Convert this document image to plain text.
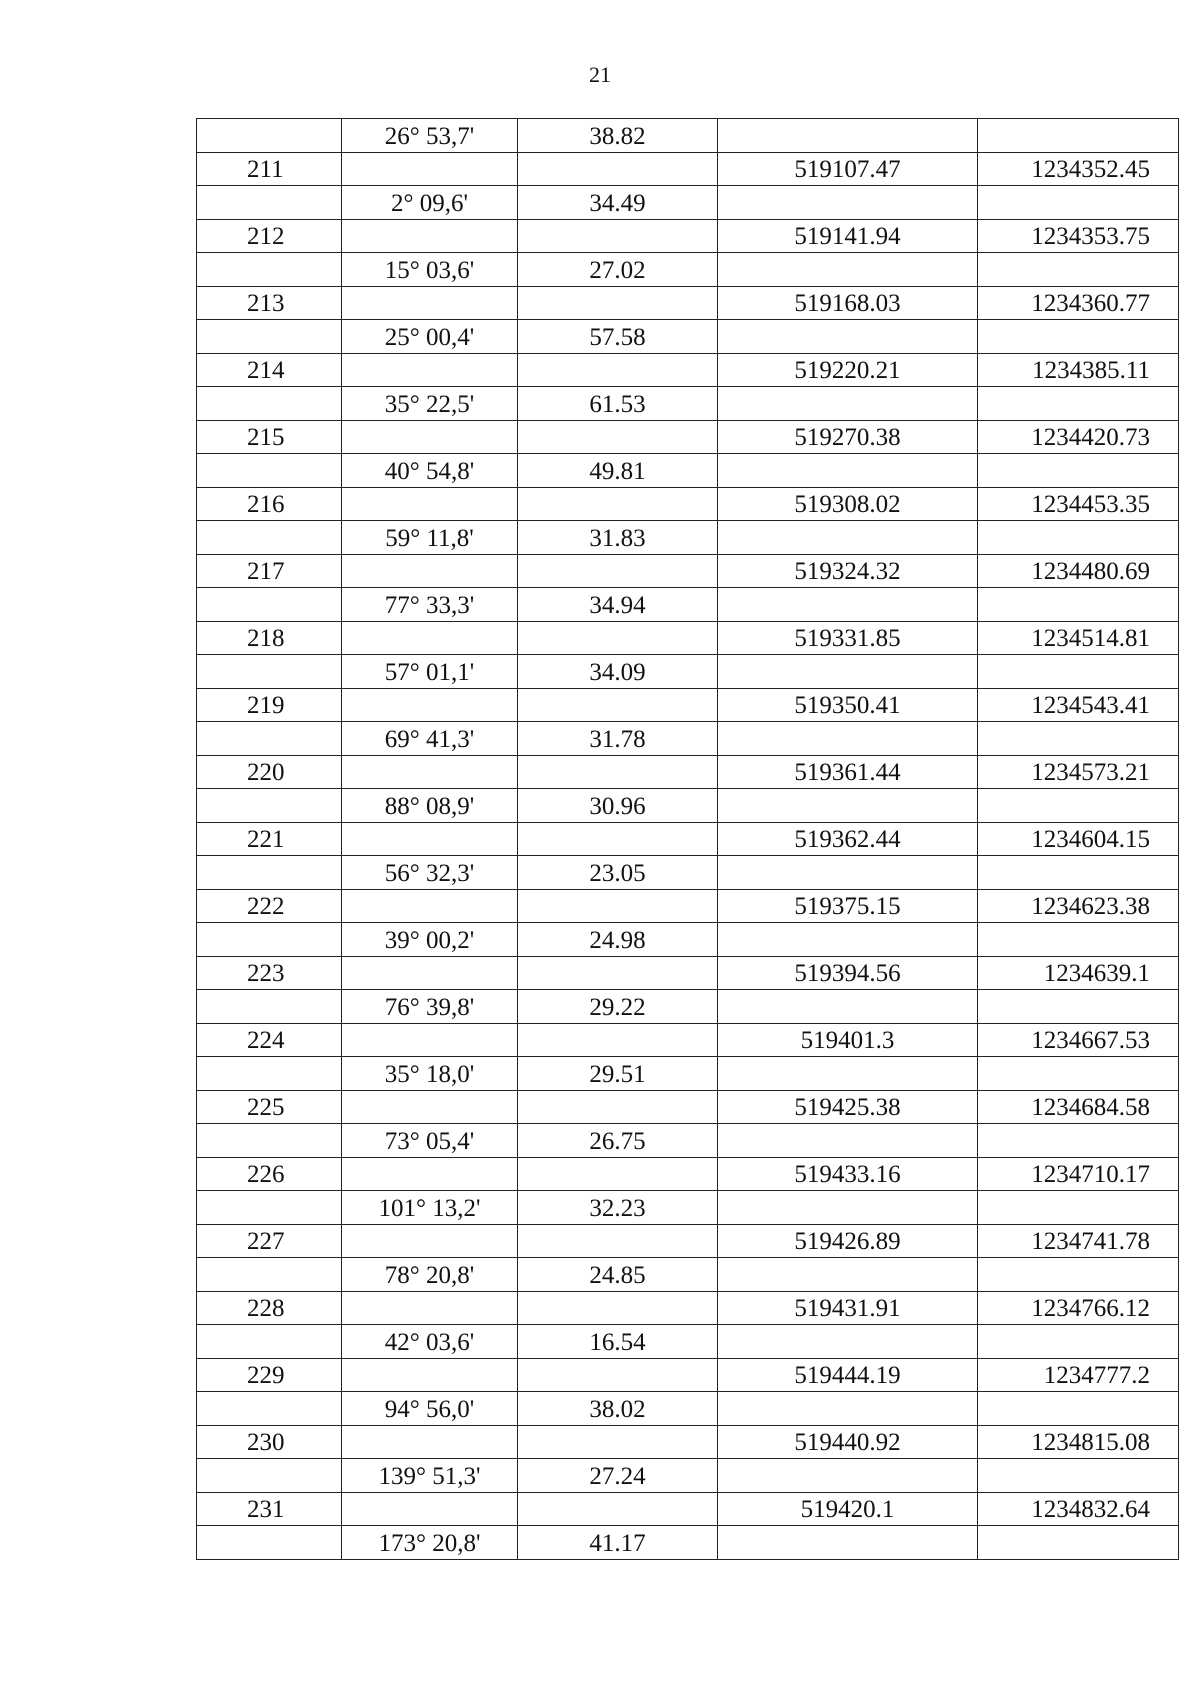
21
	26° 53,7'	38.82		
211			519107.47	1234352.45
	2° 09,6'	34.49		
212			519141.94	1234353.75
	15° 03,6'	27.02		
213			519168.03	1234360.77
	25° 00,4'	57.58		
214			519220.21	1234385.11
	35° 22,5'	61.53		
215			519270.38	1234420.73
	40° 54,8'	49.81		
216			519308.02	1234453.35
	59° 11,8'	31.83		
217			519324.32	1234480.69
	77° 33,3'	34.94		
218			519331.85	1234514.81
	57° 01,1'	34.09		
219			519350.41	1234543.41
	69° 41,3'	31.78		
220			519361.44	1234573.21
	88° 08,9'	30.96		
221			519362.44	1234604.15
	56° 32,3'	23.05		
222			519375.15	1234623.38
	39° 00,2'	24.98		
223			519394.56	1234639.1
	76° 39,8'	29.22		
224			519401.3	1234667.53
	35° 18,0'	29.51		
225			519425.38	1234684.58
	73° 05,4'	26.75		
226			519433.16	1234710.17
	101° 13,2'	32.23		
227			519426.89	1234741.78
	78° 20,8'	24.85		
228			519431.91	1234766.12
	42° 03,6'	16.54		
229			519444.19	1234777.2
	94° 56,0'	38.02		
230			519440.92	1234815.08
	139° 51,3'	27.24		
231			519420.1	1234832.64
	173° 20,8'	41.17		
